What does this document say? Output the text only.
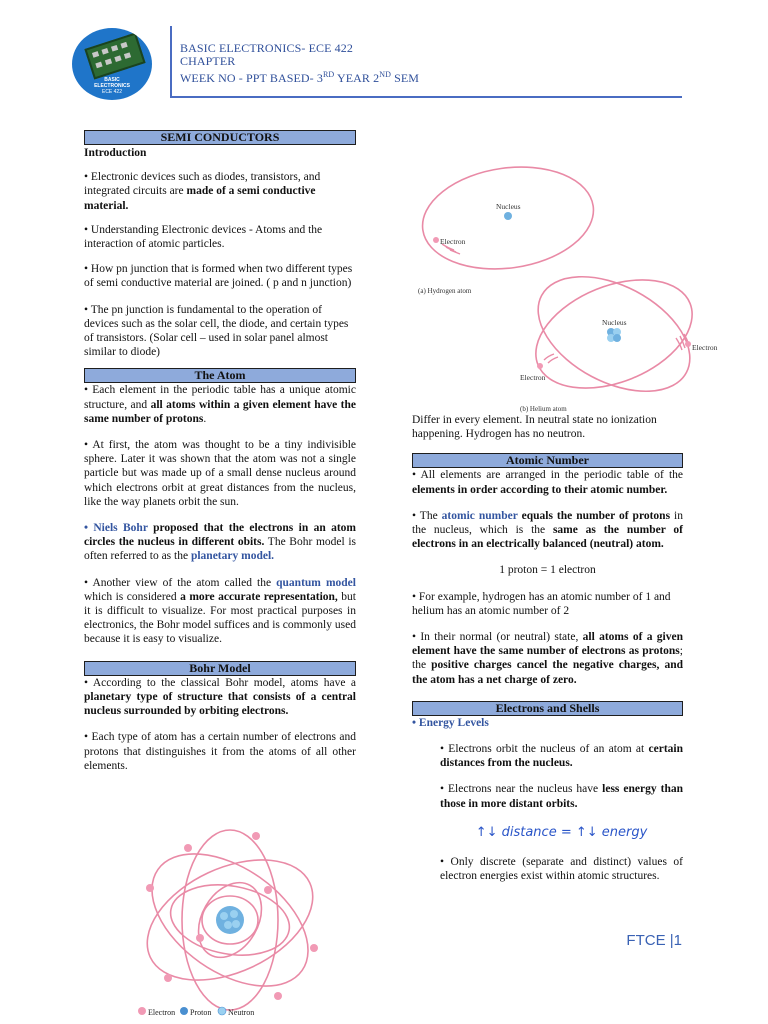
BASIC
ELECTRONICS
ECE 422
BASIC ELECTRONICS- ECE 422
CHAPTER
WEEK NO - PPT BASED- 3RD YEAR 2ND SEM
SEMI CONDUCTORS

Introduction

• Electronic devices such as diodes, transistors, and integrated circuits are made of a semi conductive material.

• Understanding Electronic devices - Atoms and the interaction of atomic particles.

• How pn junction that is formed when two different types of semi conductive material are joined. ( p and n junction)

• The pn junction is fundamental to the operation of devices such as the solar cell, the diode, and certain types of transistors. (Solar cell – used in solar panel almost similar to diode)

The Atom

• Each element in the periodic table has a unique atomic structure, and all atoms within a given element have the same number of protons.

• At first, the atom was thought to be a tiny indivisible sphere. Later it was shown that the atom was not a single particle but was made up of a small dense nucleus around which electrons orbit at great distances from the nucleus, like the way planets orbit the sun.

• Niels Bohr proposed that the electrons in an atom circles the nucleus in different obits. The Bohr model is often referred to as the planetary model.

• Another view of the atom called the quantum model which is considered a more accurate representation, but it is difficult to visualize. For most practical purposes in electronics, the Bohr model suffices and is commonly used because it is easy to visualize.

Bohr Model

• According to the classical Bohr model, atoms have a planetary type of structure that consists of a central nucleus surrounded by orbiting electrons.

• Each type of atom has a certain number of electrons and protons that distinguishes it from the atoms of all other elements.

Electron Proton Neutron
Nucleus
Electron
(a) Hydrogen atom
Nucleus
Electron
Electron
(b) Helium atom

Differ in every element. In neutral state no ionization happening. Hydrogen has no neutron.

Atomic Number

• All elements are arranged in the periodic table of the elements in order according to their atomic number.

• The atomic number equals the number of protons in the nucleus, which is the same as the number of electrons in an electrically balanced (neutral) atom.

1 proton = 1 electron

• For example, hydrogen has an atomic number of 1 and helium has an atomic number of 2

• In their normal (or neutral) state, all atoms of a given element have the same number of electrons as protons; the positive charges cancel the negative charges, and the atom has a net charge of zero.

Electrons and Shells

• Energy Levels

• Electrons orbit the nucleus of an atom at certain distances from the nucleus.

• Electrons near the nucleus have less energy than those in more distant orbits.

↑↓ distance = ↑↓ energy

• Only discrete (separate and distinct) values of electron energies exist within atomic structures.

FTCE |1
